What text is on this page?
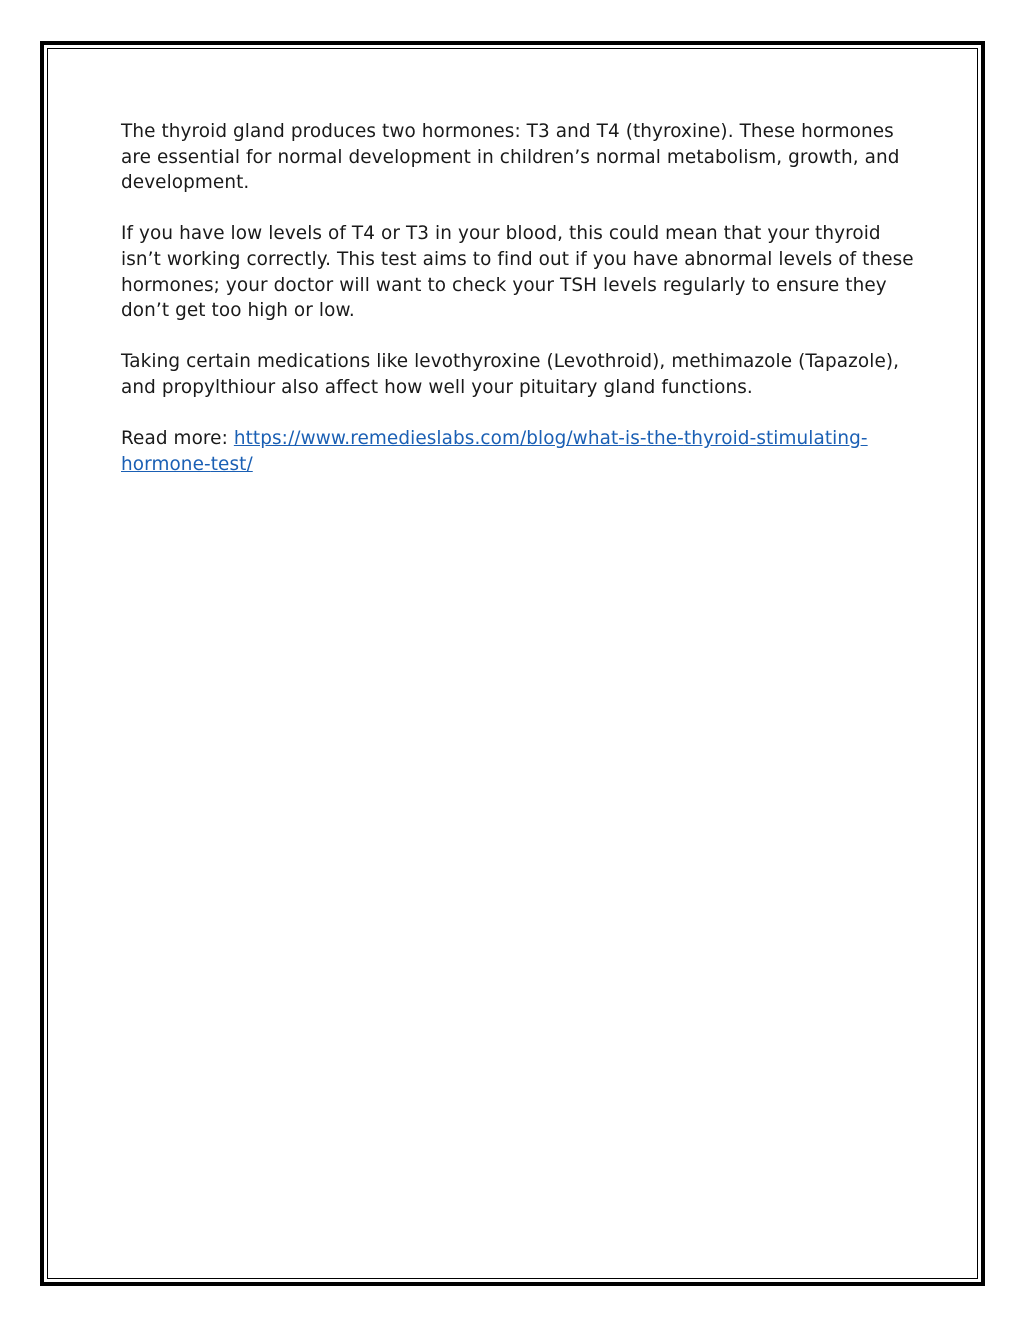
The thyroid gland produces two hormones: T3 and T4 (thyroxine). These hormones are essential for normal development in children’s normal metabolism, growth, and development.

If you have low levels of T4 or T3 in your blood, this could mean that your thyroid isn’t working correctly. This test aims to find out if you have abnormal levels of these hormones; your doctor will want to check your TSH levels regularly to ensure they don’t get too high or low.

Taking certain medications like levothyroxine (Levothroid), methimazole (Tapazole), and propylthiour also affect how well your pituitary gland functions.

Read more: https://www.remedieslabs.com/blog/what-is-the-thyroid-stimulating-hormone-test/
